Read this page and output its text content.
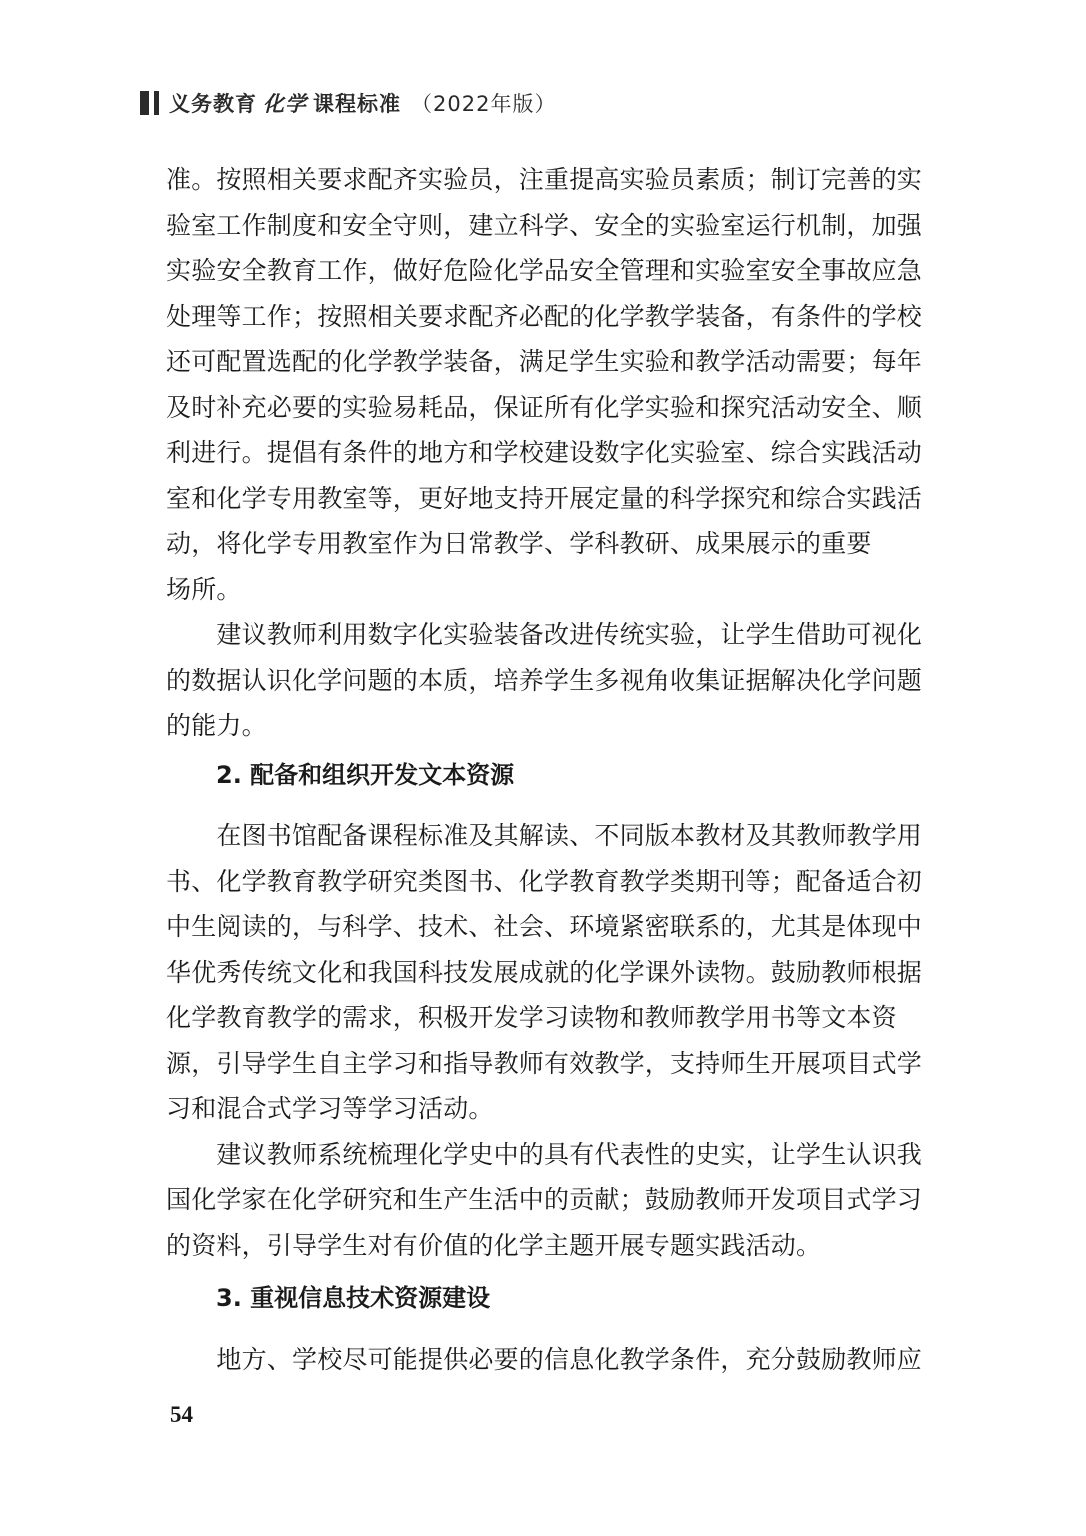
义务教育 化学 课程标准 （2022年版）
准。按照相关要求配齐实验员，注重提高实验员素质；制订完善的实
验室工作制度和安全守则，建立科学、安全的实验室运行机制，加强
实验安全教育工作，做好危险化学品安全管理和实验室安全事故应急
处理等工作；按照相关要求配齐必配的化学教学装备，有条件的学校
还可配置选配的化学教学装备，满足学生实验和教学活动需要；每年
及时补充必要的实验易耗品，保证所有化学实验和探究活动安全、顺
利进行。提倡有条件的地方和学校建设数字化实验室、综合实践活动
室和化学专用教室等，更好地支持开展定量的科学探究和综合实践活
动，将化学专用教室作为日常教学、学科教研、成果展示的重要
场所。
　　建议教师利用数字化实验装备改进传统实验，让学生借助可视化
的数据认识化学问题的本质，培养学生多视角收集证据解决化学问题
的能力。
2. 配备和组织开发文本资源
　　在图书馆配备课程标准及其解读、不同版本教材及其教师教学用
书、化学教育教学研究类图书、化学教育教学类期刊等；配备适合初
中生阅读的，与科学、技术、社会、环境紧密联系的，尤其是体现中
华优秀传统文化和我国科技发展成就的化学课外读物。鼓励教师根据
化学教育教学的需求，积极开发学习读物和教师教学用书等文本资
源，引导学生自主学习和指导教师有效教学，支持师生开展项目式学
习和混合式学习等学习活动。
　　建议教师系统梳理化学史中的具有代表性的史实，让学生认识我
国化学家在化学研究和生产生活中的贡献；鼓励教师开发项目式学习
的资料，引导学生对有价值的化学主题开展专题实践活动。
3. 重视信息技术资源建设
　　地方、学校尽可能提供必要的信息化教学条件，充分鼓励教师应
54
